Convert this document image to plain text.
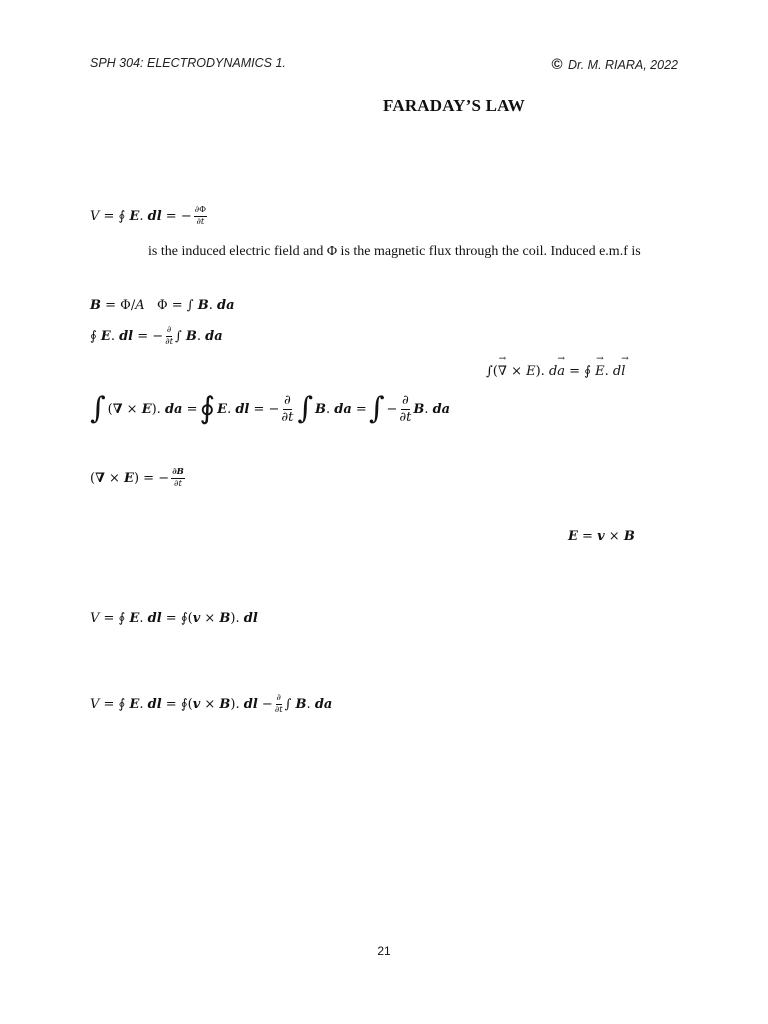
SPH 304: ELECTRODYNAMICS 1.	© Dr. M. RIARA, 2022
FARADAY’S LAW
V = ∮ E . dl = − $\frac{\partial\Phi}{\partial t}$
is the induced electric field and Φ is the magnetic flux through the coil. Induced e.m.f is
B = Φ/ A Φ = ∫ B . da
∮ E . dl = − $\frac{\partial}{\partial t}$ ∫ B . da
∫( → ∇ × E ). d → a = ∮ → E . d → l
∫ ( ∇ × E ). da = ∮ E . dl = − $\frac{\partial}{\partial t}$ ∫ B . da = ∫ − $\frac{\partial}{\partial t}$ B . da
( ∇ × E ) = − $\frac{\partial B}{\partial t}$
E = v × B
V = ∮ E . dl = ∮( v × B ). dl
V = ∮ E . dl = ∮( v × B ). dl − $\frac{\partial}{\partial t}$ ∫ B . da
21
